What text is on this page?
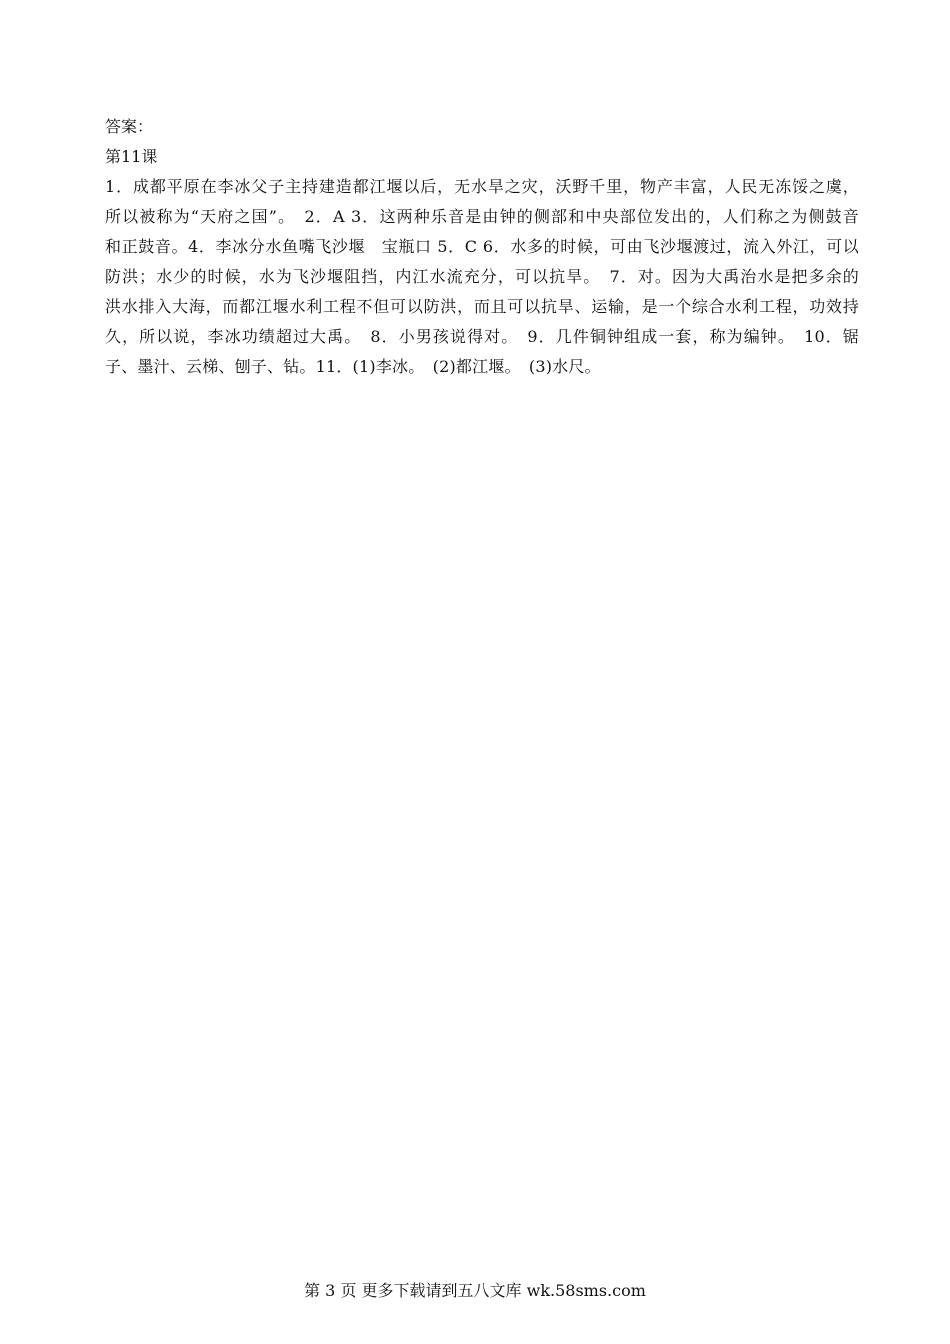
答案：
第11课
1．成都平原在李冰父子主持建造都江堰以后，无水旱之灾，沃野千里，物产丰富，人民无冻馁之虞，
所以被称为“天府之国”。　2．A 3．这两种乐音是由钟的侧部和中央部位发出的，人们称之为侧鼓音
和正鼓音。4．李冰分水鱼嘴飞沙堰　宝瓶口 5．C 6．水多的时候，可由飞沙堰渡过，流入外江，可以
防洪；水少的时候，水为飞沙堰阻挡，内江水流充分，可以抗旱。　7．对。因为大禹治水是把多余的
洪水排入大海，而都江堰水利工程不但可以防洪，而且可以抗旱、运输，是一个综合水利工程，功效持
久，所以说，李冰功绩超过大禹。　8．小男孩说得对。　9．几件铜钟组成一套，称为编钟。　10．锯
子、墨汁、云梯、刨子、钻。11．(1)李冰。　(2)都江堰。　(3)水尺。
第 3 页 更多下载请到五八文库 wk.58sms.com
